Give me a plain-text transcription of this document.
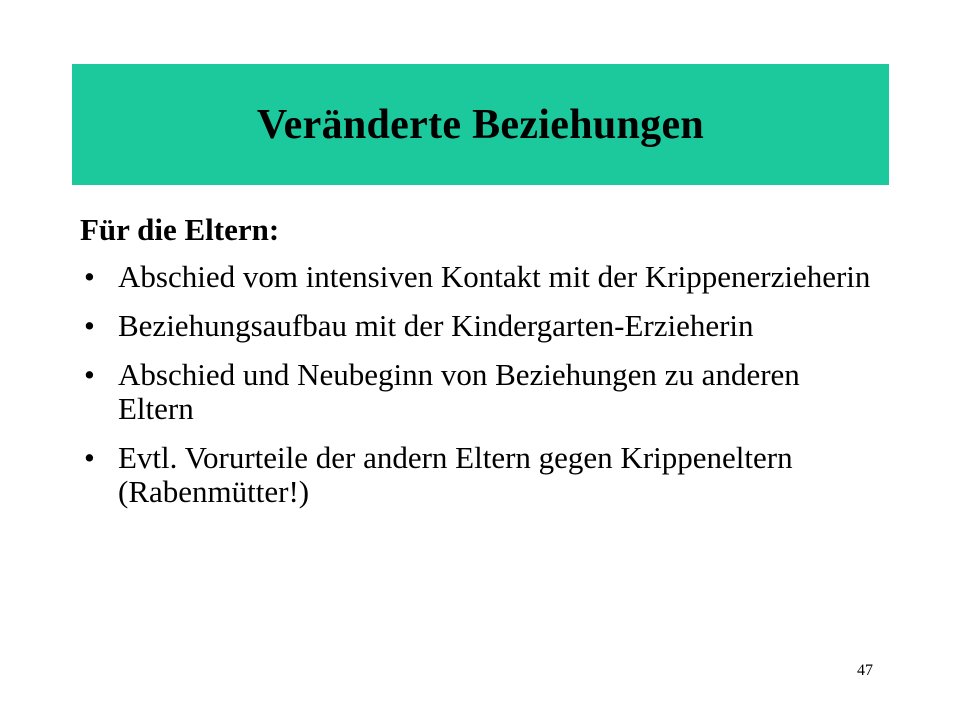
Veränderte Beziehungen
Für die Eltern:
• Abschied vom intensiven Kontakt mit der Krippenerzieherin
• Beziehungsaufbau mit der Kindergarten-Erzieherin
• Abschied und Neubeginn von Beziehungen zu anderen Eltern
• Evtl. Vorurteile der andern Eltern gegen Krippeneltern (Rabenmütter!)
47
